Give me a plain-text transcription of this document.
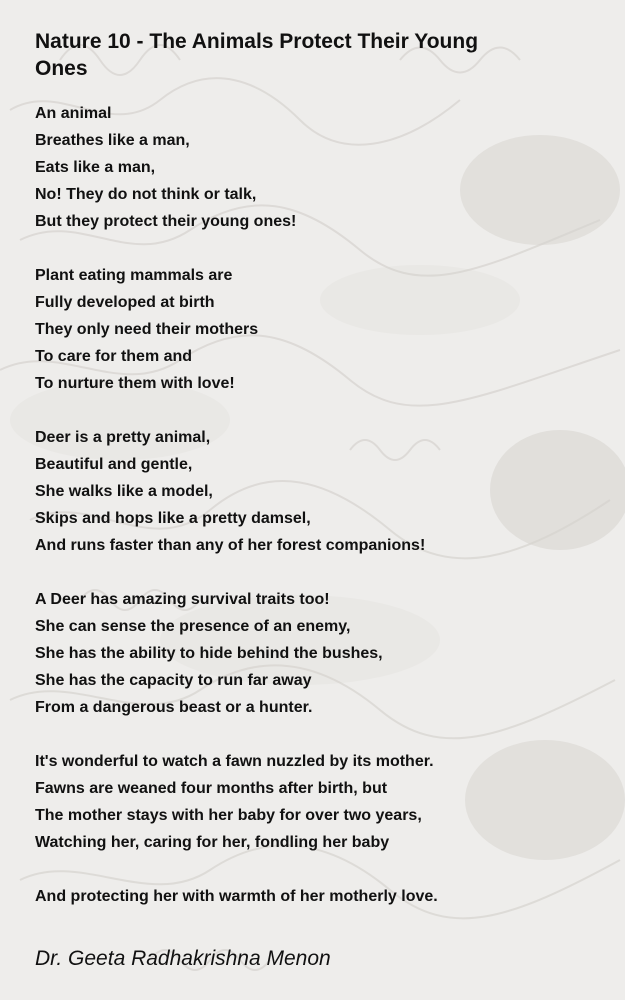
Nature 10 - The Animals Protect Their Young Ones
An animal
Breathes like a man,
Eats like a man,
No! They do not think or talk,
But they protect their young ones!
Plant eating mammals are
Fully developed at birth
They only need their mothers
To care for them and
To nurture them with love!
Deer is a pretty animal,
Beautiful and gentle,
She walks like a model,
Skips and hops like a pretty damsel,
And runs faster than any of her forest companions!
A Deer has amazing survival traits too!
She can sense the presence of an enemy,
She has the ability to hide behind the bushes,
She has the capacity to run far away
From a dangerous beast or a hunter.
It's wonderful to watch a fawn nuzzled by its mother.
Fawns are weaned four months after birth, but
The mother stays with her baby for over two years,
Watching her, caring for her, fondling her baby
And protecting her with warmth of her motherly love.
Dr. Geeta Radhakrishna Menon
